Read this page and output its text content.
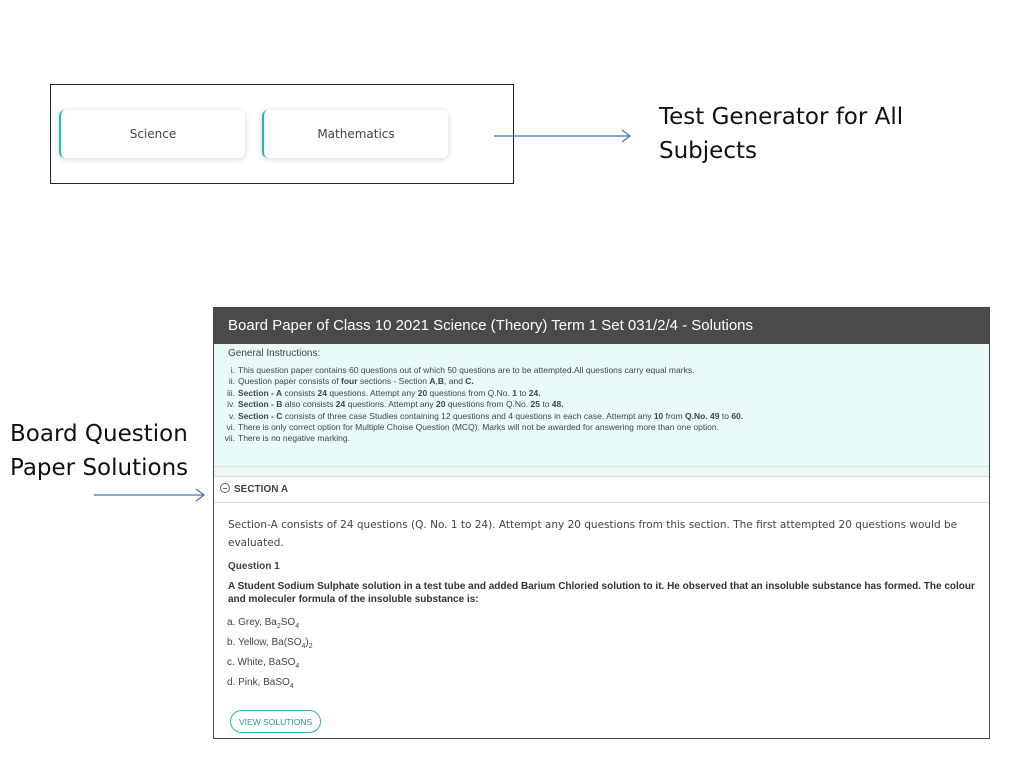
Science	Mathematics
Test Generator for All Subjects
Board Question Paper Solutions
Board Paper of Class 10 2021 Science (Theory) Term 1 Set 031/2/4 - Solutions
General Instructions:
i. This question paper contains 60 questions out of which 50 questions are to be attempted.All questions carry equal marks.
ii. Question paper consists of four sections - Section A,B, and C.
iii. Section - A consists 24 questions. Attempt any 20 questions from Q.No. 1 to 24.
iv. Section - B also consists 24 questions. Attempt any 20 questions from Q.No. 25 to 48.
v. Section - C consists of three case Studies containing 12 questions and 4 questions in each case. Attempt any 10 from Q.No. 49 to 60.
vi. There is only correct option for Multiple Choise Question (MCQ). Marks will not be awarded for answering more than one option.
vii. There is no negative marking.
SECTION A
Section-A consists of 24 questions (Q. No. 1 to 24). Attempt any 20 questions from this section. The first attempted 20 questions would be evaluated.
Question 1
A Student Sodium Sulphate solution in a test tube and added Barium Chloried solution to it. He observed that an insoluble substance has formed. The colour and moleculer formula of the insoluble substance is:
a. Grey, $Ba_2SO_4$
b. Yellow, $Ba(SO_4)_2$
c. White, BaSO$_4$
d. Pink, BaSO$_4$
VIEW SOLUTIONS
